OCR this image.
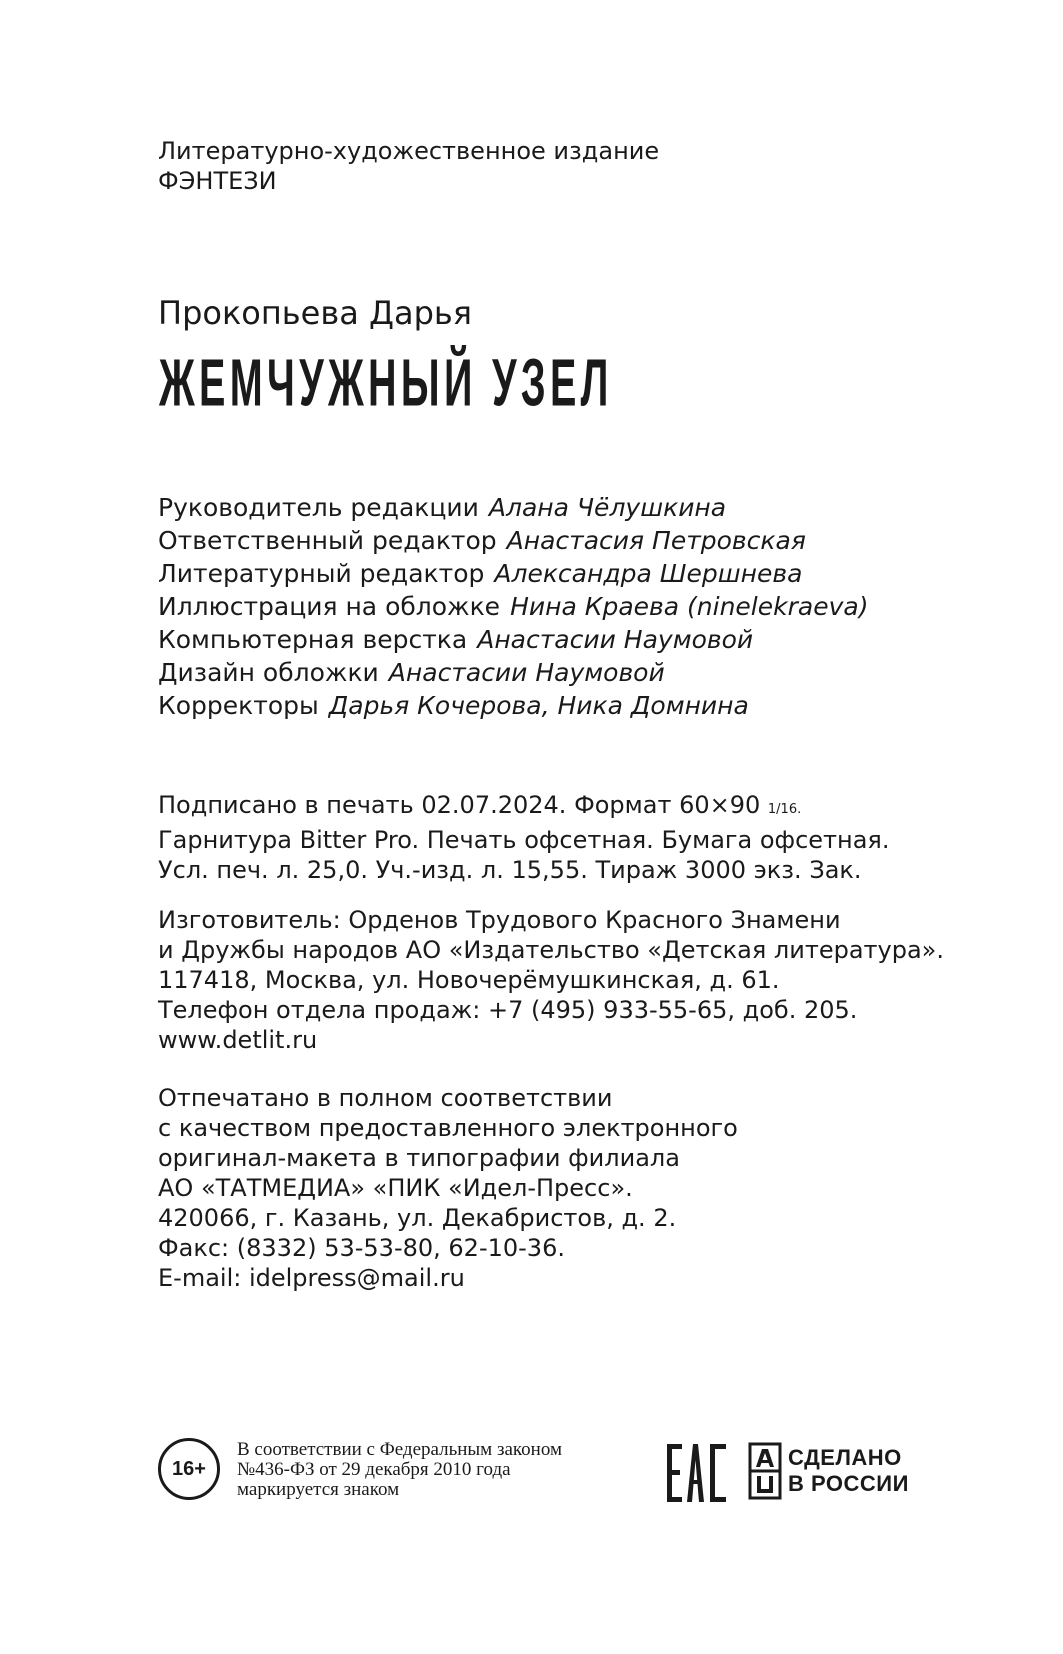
Литературно-художественное издание
ФЭНТЕЗИ
Прокопьева Дарья
ЖЕМЧУЖНЫЙ УЗЕЛ
Руководитель редакции Алана Чёлушкина
Ответственный редактор Анастасия Петровская
Литературный редактор Александра Шершнева
Иллюстрация на обложке Нина Краева (ninelekraeva)
Компьютерная верстка Анастасии Наумовой
Дизайн обложки Анастасии Наумовой
Корректоры Дарья Кочерова, Ника Домнина
Подписано в печать 02.07.2024. Формат 60×90 1/16.
Гарнитура Bitter Pro. Печать офсетная. Бумага офсетная.
Усл. печ. л. 25,0. Уч.-изд. л. 15,55. Тираж 3000 экз. Зак.
Изготовитель: Орденов Трудового Красного Знамени
и Дружбы народов АО «Издательство «Детская литература».
117418, Москва, ул. Новочерёмушкинская, д. 61.
Телефон отдела продаж: +7 (495) 933-55-65, доб. 205.
www.detlit.ru
Отпечатано в полном соответствии
с качеством предоставленного электронного
оригинал-макета в типографии филиала
АО «ТАТМЕДИА» «ПИК «Идел-Пресс».
420066, г. Казань, ул. Декабристов, д. 2.
Факс: (8332) 53-53-80, 62-10-36.
E-mail: idelpress@mail.ru
16+
В соответствии с Федеральным законом
№436-ФЗ от 29 декабря 2010 года
маркируется знаком
СДЕЛАНО
В РОССИИ
